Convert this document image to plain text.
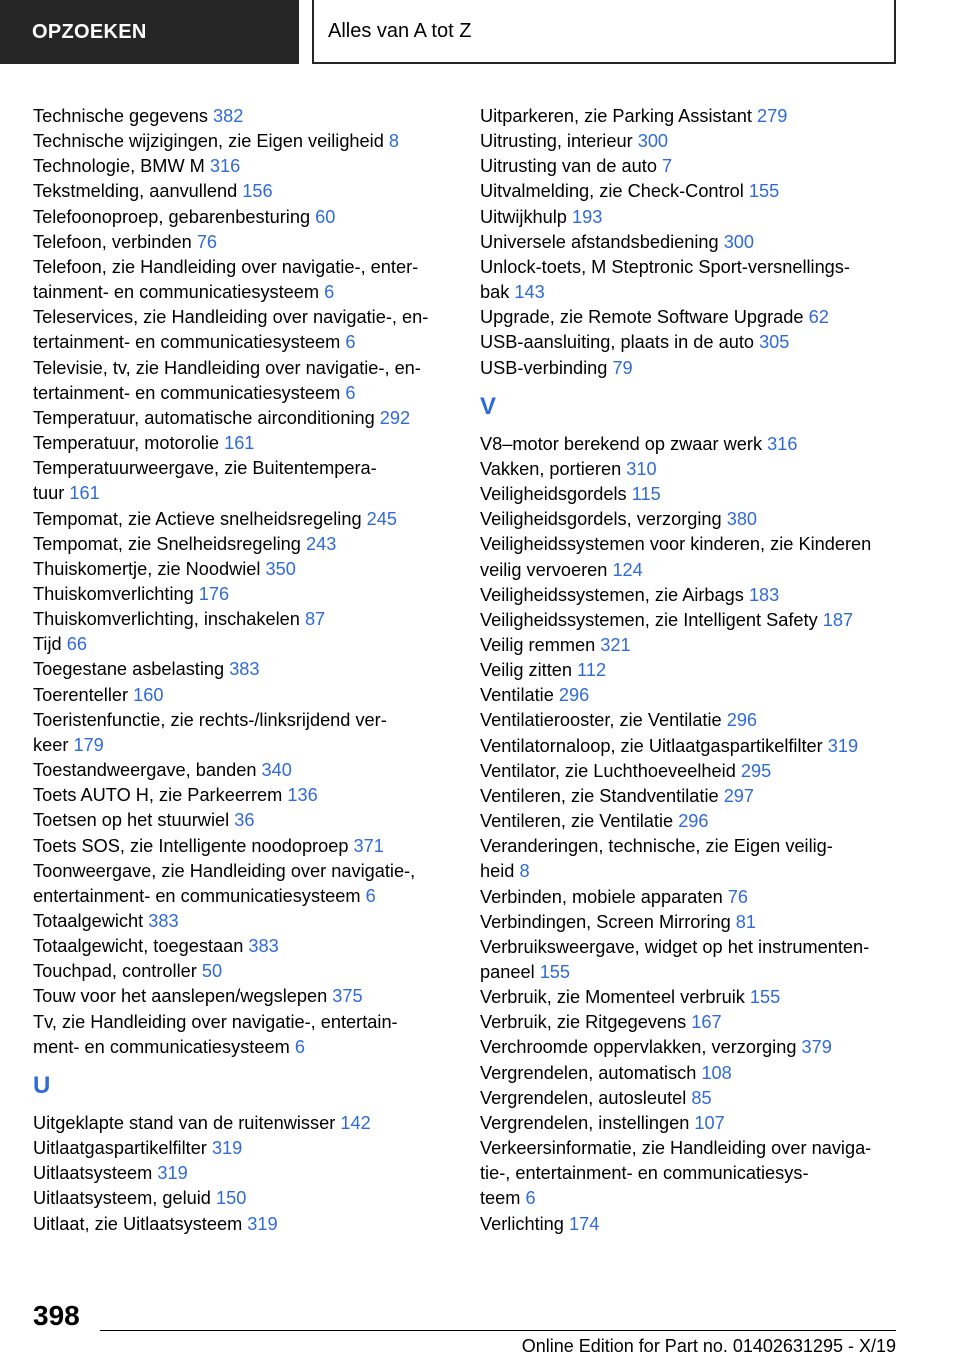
OPZOEKEN	Alles van A tot Z
Technische gegevens 382
Technische wijzigingen, zie Eigen veiligheid 8
Technologie, BMW M 316
Tekstmelding, aanvullend 156
Telefoonoproep, gebarenbesturing 60
Telefoon, verbinden 76
Telefoon, zie Handleiding over navigatie-, enter‐
tainment- en communicatiesysteem 6
Teleservices, zie Handleiding over navigatie-, en‐
tertainment- en communicatiesysteem 6
Televisie, tv, zie Handleiding over navigatie-, en‐
tertainment- en communicatiesysteem 6
Temperatuur, automatische airconditioning 292
Temperatuur, motorolie 161
Temperatuurweergave, zie Buitentempera‐
tuur 161
Tempomat, zie Actieve snelheidsregeling 245
Tempomat, zie Snelheidsregeling 243
Thuiskomertje, zie Noodwiel 350
Thuiskomverlichting 176
Thuiskomverlichting, inschakelen 87
Tijd 66
Toegestane asbelasting 383
Toerenteller 160
Toeristenfunctie, zie rechts-/linksrijdend ver‐
keer 179
Toestandweergave, banden 340
Toets AUTO H, zie Parkeerrem 136
Toetsen op het stuurwiel 36
Toets SOS, zie Intelligente noodoproep 371
Toonweergave, zie Handleiding over navigatie-,
entertainment- en communicatiesysteem 6
Totaalgewicht 383
Totaalgewicht, toegestaan 383
Touchpad, controller 50
Touw voor het aanslepen/wegslepen 375
Tv, zie Handleiding over navigatie-, entertain‐
ment- en communicatiesysteem 6
U
Uitgeklapte stand van de ruitenwisser 142
Uitlaatgaspartikelfilter 319
Uitlaatsysteem 319
Uitlaatsysteem, geluid 150
Uitlaat, zie Uitlaatsysteem 319
Uitparkeren, zie Parking Assistant 279
Uitrusting, interieur 300
Uitrusting van de auto 7
Uitvalmelding, zie Check-Control 155
Uitwijkhulp 193
Universele afstandsbediening 300
Unlock-toets, M Steptronic Sport-versnellings‐
bak 143
Upgrade, zie Remote Software Upgrade 62
USB-aansluiting, plaats in de auto 305
USB-verbinding 79
V
V8–motor berekend op zwaar werk 316
Vakken, portieren 310
Veiligheidsgordels 115
Veiligheidsgordels, verzorging 380
Veiligheidssystemen voor kinderen, zie Kinderen
veilig vervoeren 124
Veiligheidssystemen, zie Airbags 183
Veiligheidssystemen, zie Intelligent Safety 187
Veilig remmen 321
Veilig zitten 112
Ventilatie 296
Ventilatierooster, zie Ventilatie 296
Ventilatornaloop, zie Uitlaatgaspartikelfilter 319
Ventilator, zie Luchthoeveelheid 295
Ventileren, zie Standventilatie 297
Ventileren, zie Ventilatie 296
Veranderingen, technische, zie Eigen veilig‐
heid 8
Verbinden, mobiele apparaten 76
Verbindingen, Screen Mirroring 81
Verbruiksweergave, widget op het instrumenten‐
paneel 155
Verbruik, zie Momenteel verbruik 155
Verbruik, zie Ritgegevens 167
Verchroomde oppervlakken, verzorging 379
Vergrendelen, automatisch 108
Vergrendelen, autosleutel 85
Vergrendelen, instellingen 107
Verkeersinformatie, zie Handleiding over naviga‐
tie-, entertainment- en communicatiesys‐
teem 6
Verlichting 174
398
Online Edition for Part no. 01402631295 - X/19
